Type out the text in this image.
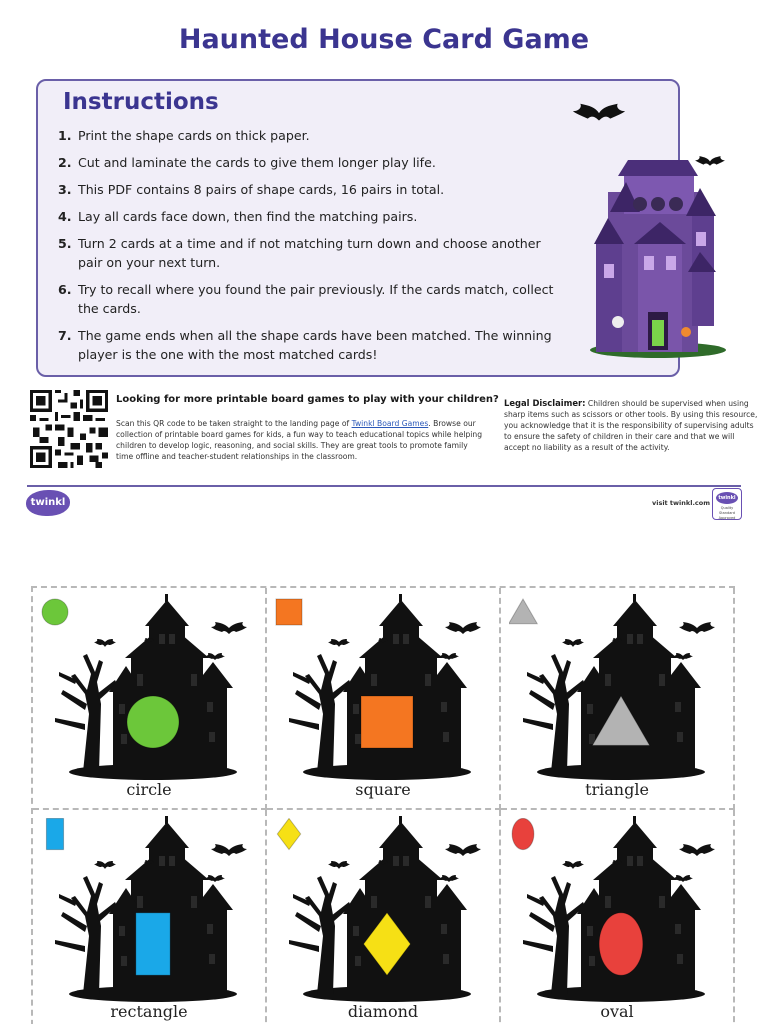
Haunted House Card Game
Instructions
1. Print the shape cards on thick paper.
2. Cut and laminate the cards to give them longer play life.
3. This PDF contains 8 pairs of shape cards, 16 pairs in total.
4. Lay all cards face down, then find the matching pairs.
5. Turn 2 cards at a time and if not matching turn down and choose another pair on your next turn.
6. Try to recall where you found the pair previously. If the cards match, collect the cards.
7. The game ends when all the shape cards have been matched. The winning player is the one with the most matched cards!
Looking for more printable board games to play with your children?
Scan this QR code to be taken straight to the landing page of Twinkl Board Games. Browse our collection of printable board games for kids, a fun way to teach educational topics while helping children to develop logic, reasoning, and social skills. They are great tools to promote family time offline and teacher-student relationships in the classroom.
Legal Disclaimer: Children should be supervised when using sharp items such as scissors or other tools. By using this resource, you acknowledge that it is the responsibility of supervising adults to ensure the safety of children in their care and that we will accept no liability as a result of the activity.
twinkl	visit twinkl.com
twinkl
Quality Standard Approved
circle	square	triangle
rectangle	diamond	oval
